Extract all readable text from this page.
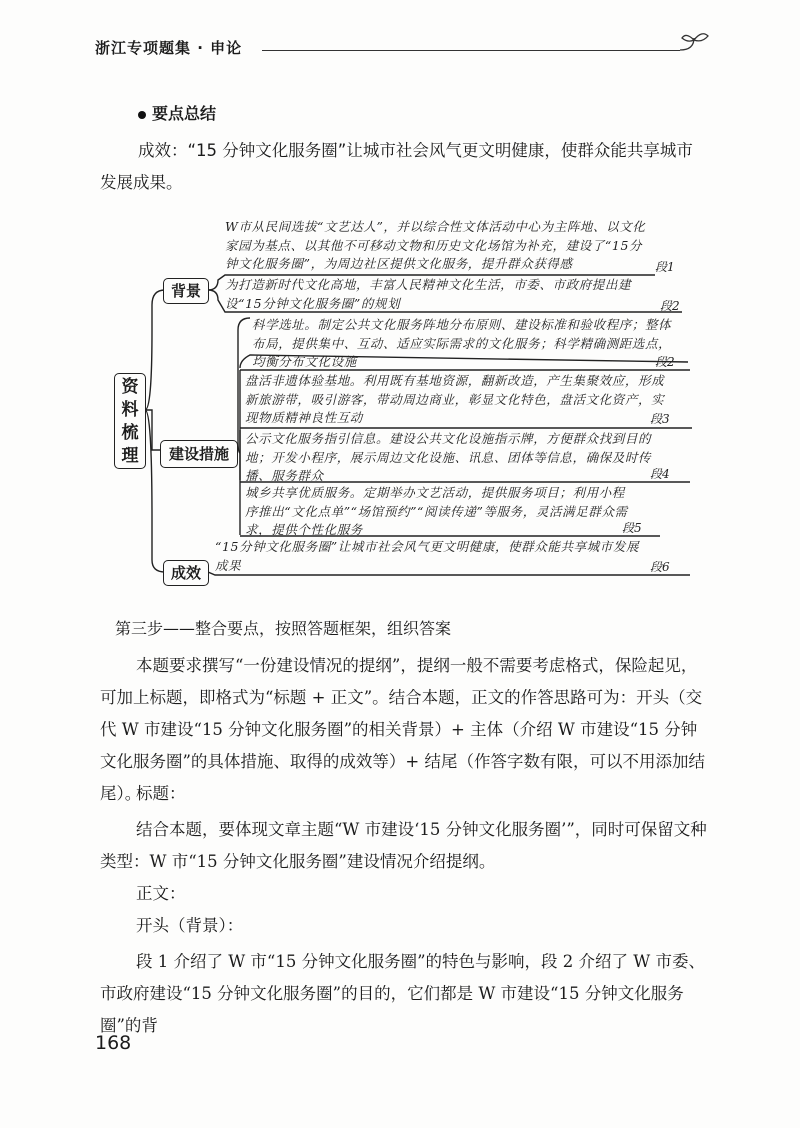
浙江专项题集 · 申论
要点总结
成效：“15 分钟文化服务圈”让城市社会风气更文明健康，使群众能共享城市发展成果。
资
料
梳
理
背景
建设措施
成效
W市从民间选拔“文艺达人”，并以综合性文体活动中心为主阵地、以文化家园为基点、以其他不可移动文物和历史文化场馆为补充，建设了“15分钟文化服务圈”，为周边社区提供文化服务，提升群众获得感	段1
为打造新时代文化高地，丰富人民精神文化生活，市委、市政府提出建设“15分钟文化服务圈”的规划	段2
科学选址。制定公共文化服务阵地分布原则、建设标准和验收程序；整体布局，提供集中、互动、适应实际需求的文化服务；科学精确测距选点，均衡分布文化设施	段2
盘活非遗体验基地。利用既有基地资源，翻新改造，产生集聚效应，形成新旅游带，吸引游客，带动周边商业，彰显文化特色，盘活文化资产，实现物质精神良性互动	段3
公示文化服务指引信息。建设公共文化设施指示牌，方便群众找到目的地；开发小程序，展示周边文化设施、讯息、团体等信息，确保及时传播、服务群众	段4
城乡共享优质服务。定期举办文艺活动，提供服务项目；利用小程序推出“文化点单”“场馆预约”“阅读传递”等服务，灵活满足群众需求，提供个性化服务	段5
“15分钟文化服务圈”让城市社会风气更文明健康，使群众能共享城市发展成果	段6
第三步——整合要点，按照答题框架，组织答案
本题要求撰写“一份建设情况的提纲”，提纲一般不需要考虑格式，保险起见，可加上标题，即格式为“标题 + 正文”。结合本题，正文的作答思路可为：开头（交代 W 市建设“15 分钟文化服务圈”的相关背景）+ 主体（介绍 W 市建设“15 分钟文化服务圈”的具体措施、取得的成效等）+ 结尾（作答字数有限，可以不用添加结尾）。
标题：
结合本题，要体现文章主题“W 市建设‘15 分钟文化服务圈’”，同时可保留文种类型：W 市“15 分钟文化服务圈”建设情况介绍提纲。
正文：
开头（背景）：
段 1 介绍了 W 市“15 分钟文化服务圈”的特色与影响，段 2 介绍了 W 市委、市政府建设“15 分钟文化服务圈”的目的，它们都是 W 市建设“15 分钟文化服务圈”的背
168
